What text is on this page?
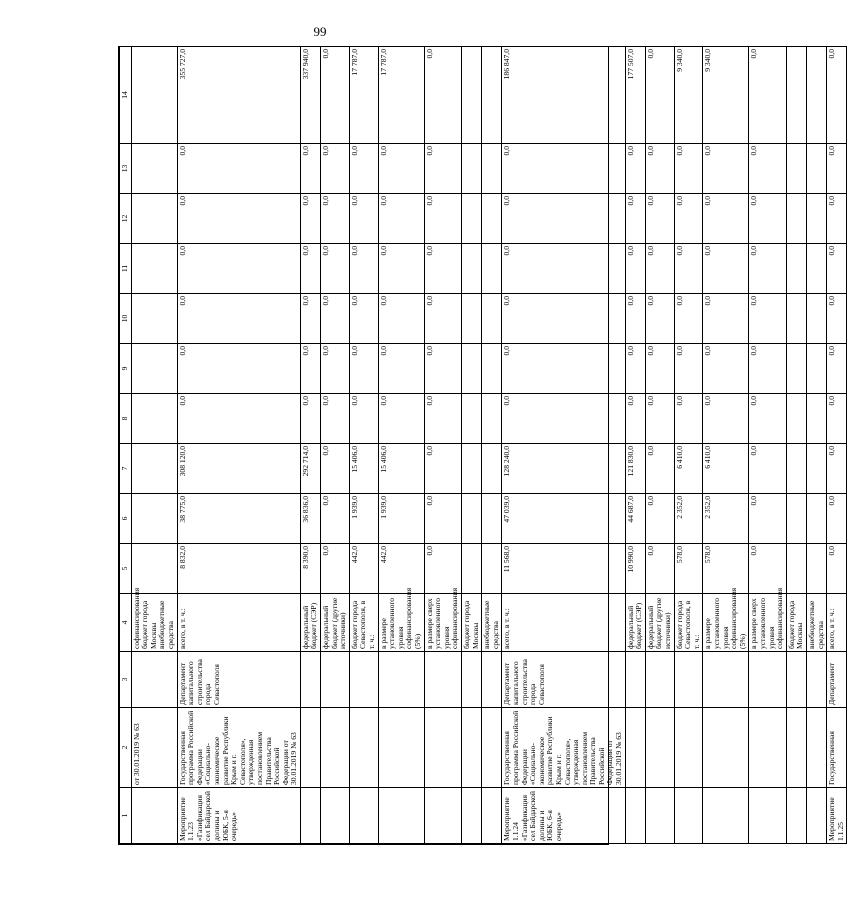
99
1	2	3	4	5	6	7	8	9	10	11	12	13	14
	от 30.01.2019 № 63		софинансирования бюджет города Москвы внебюджетные средства										
Мероприятие 1.1.23 «Газификация сел Байдарской долины и ЮБК, 5-я очередь»	Государственная программа Российской Федерации «Социально-экономическое развитие Республики Крым и г. Севастополя», утвержденная постановлением Правительства Российской Федерации от 30.01.2019 № 63	Департамент капитального строительства города Севастополя	всего, в т. ч.:	8 832,0	38 775,0	308 120,0	0,0	0,0	0,0	0,0	0,0	0,0	355 727,0
			федеральный бюджет (СЭР)	8 390,0	36 836,0	292 714,0	0,0	0,0	0,0	0,0	0,0	0,0	337 940,0
			федеральный бюджет (другие источники)	0,0	0,0	0,0	0,0	0,0	0,0	0,0	0,0	0,0	0,0
			бюджет города Севастополя, в т. ч.:	442,0	1 939,0	15 406,0	0,0	0,0	0,0	0,0	0,0	0,0	17 787,0
			в размере установленного уровня софинансирования (5%)	442,0	1 939,0	15 406,0	0,0	0,0	0,0	0,0	0,0	0,0	17 787,0
			в размере сверх установленного уровня софинансирования	0,0	0,0	0,0	0,0	0,0	0,0	0,0	0,0	0,0	0,0
			бюджет города Москвы										
			внебюджетные средства										
Мероприятие 1.1.24 «Газификация сел Байдарской долины и ЮБК, 6-я очередь»	Государственная программа Российской Федерации «Социально-экономическое развитие Республики Крым и г. Севастополя», утвержденная постановлением Правительства Российской Федерации от 30.01.2019 № 63	Департамент капитального строительства города Севастополя	всего, в т. ч.:	11 568,0	47 039,0	128 240,0	0,0	0,0	0,0	0,0	0,0	0,0	186 847,0
			федеральный бюджет (СЭР)	10 990,0	44 687,0	121 830,0	0,0	0,0	0,0	0,0	0,0	0,0	177 507,0
			федеральный бюджет (другие источники)	0,0	0,0	0,0	0,0	0,0	0,0	0,0	0,0	0,0	0,0
			бюджет города Севастополя, в т. ч.:	578,0	2 352,0	6 410,0	0,0	0,0	0,0	0,0	0,0	0,0	9 340,0
			в размере установленного уровня софинансирования (5%)	578,0	2 352,0	6 410,0	0,0	0,0	0,0	0,0	0,0	0,0	9 340,0
			в размере сверх установленного уровня софинансирования	0,0	0,0	0,0	0,0	0,0	0,0	0,0	0,0	0,0	0,0
			бюджет города Москвы										
			внебюджетные средства										
Мероприятие 1.1.25	Государственная	Департамент	всего, в т. ч.:	0,0	0,0	0,0	0,0	0,0	0,0	0,0	0,0	0,0	0,0
